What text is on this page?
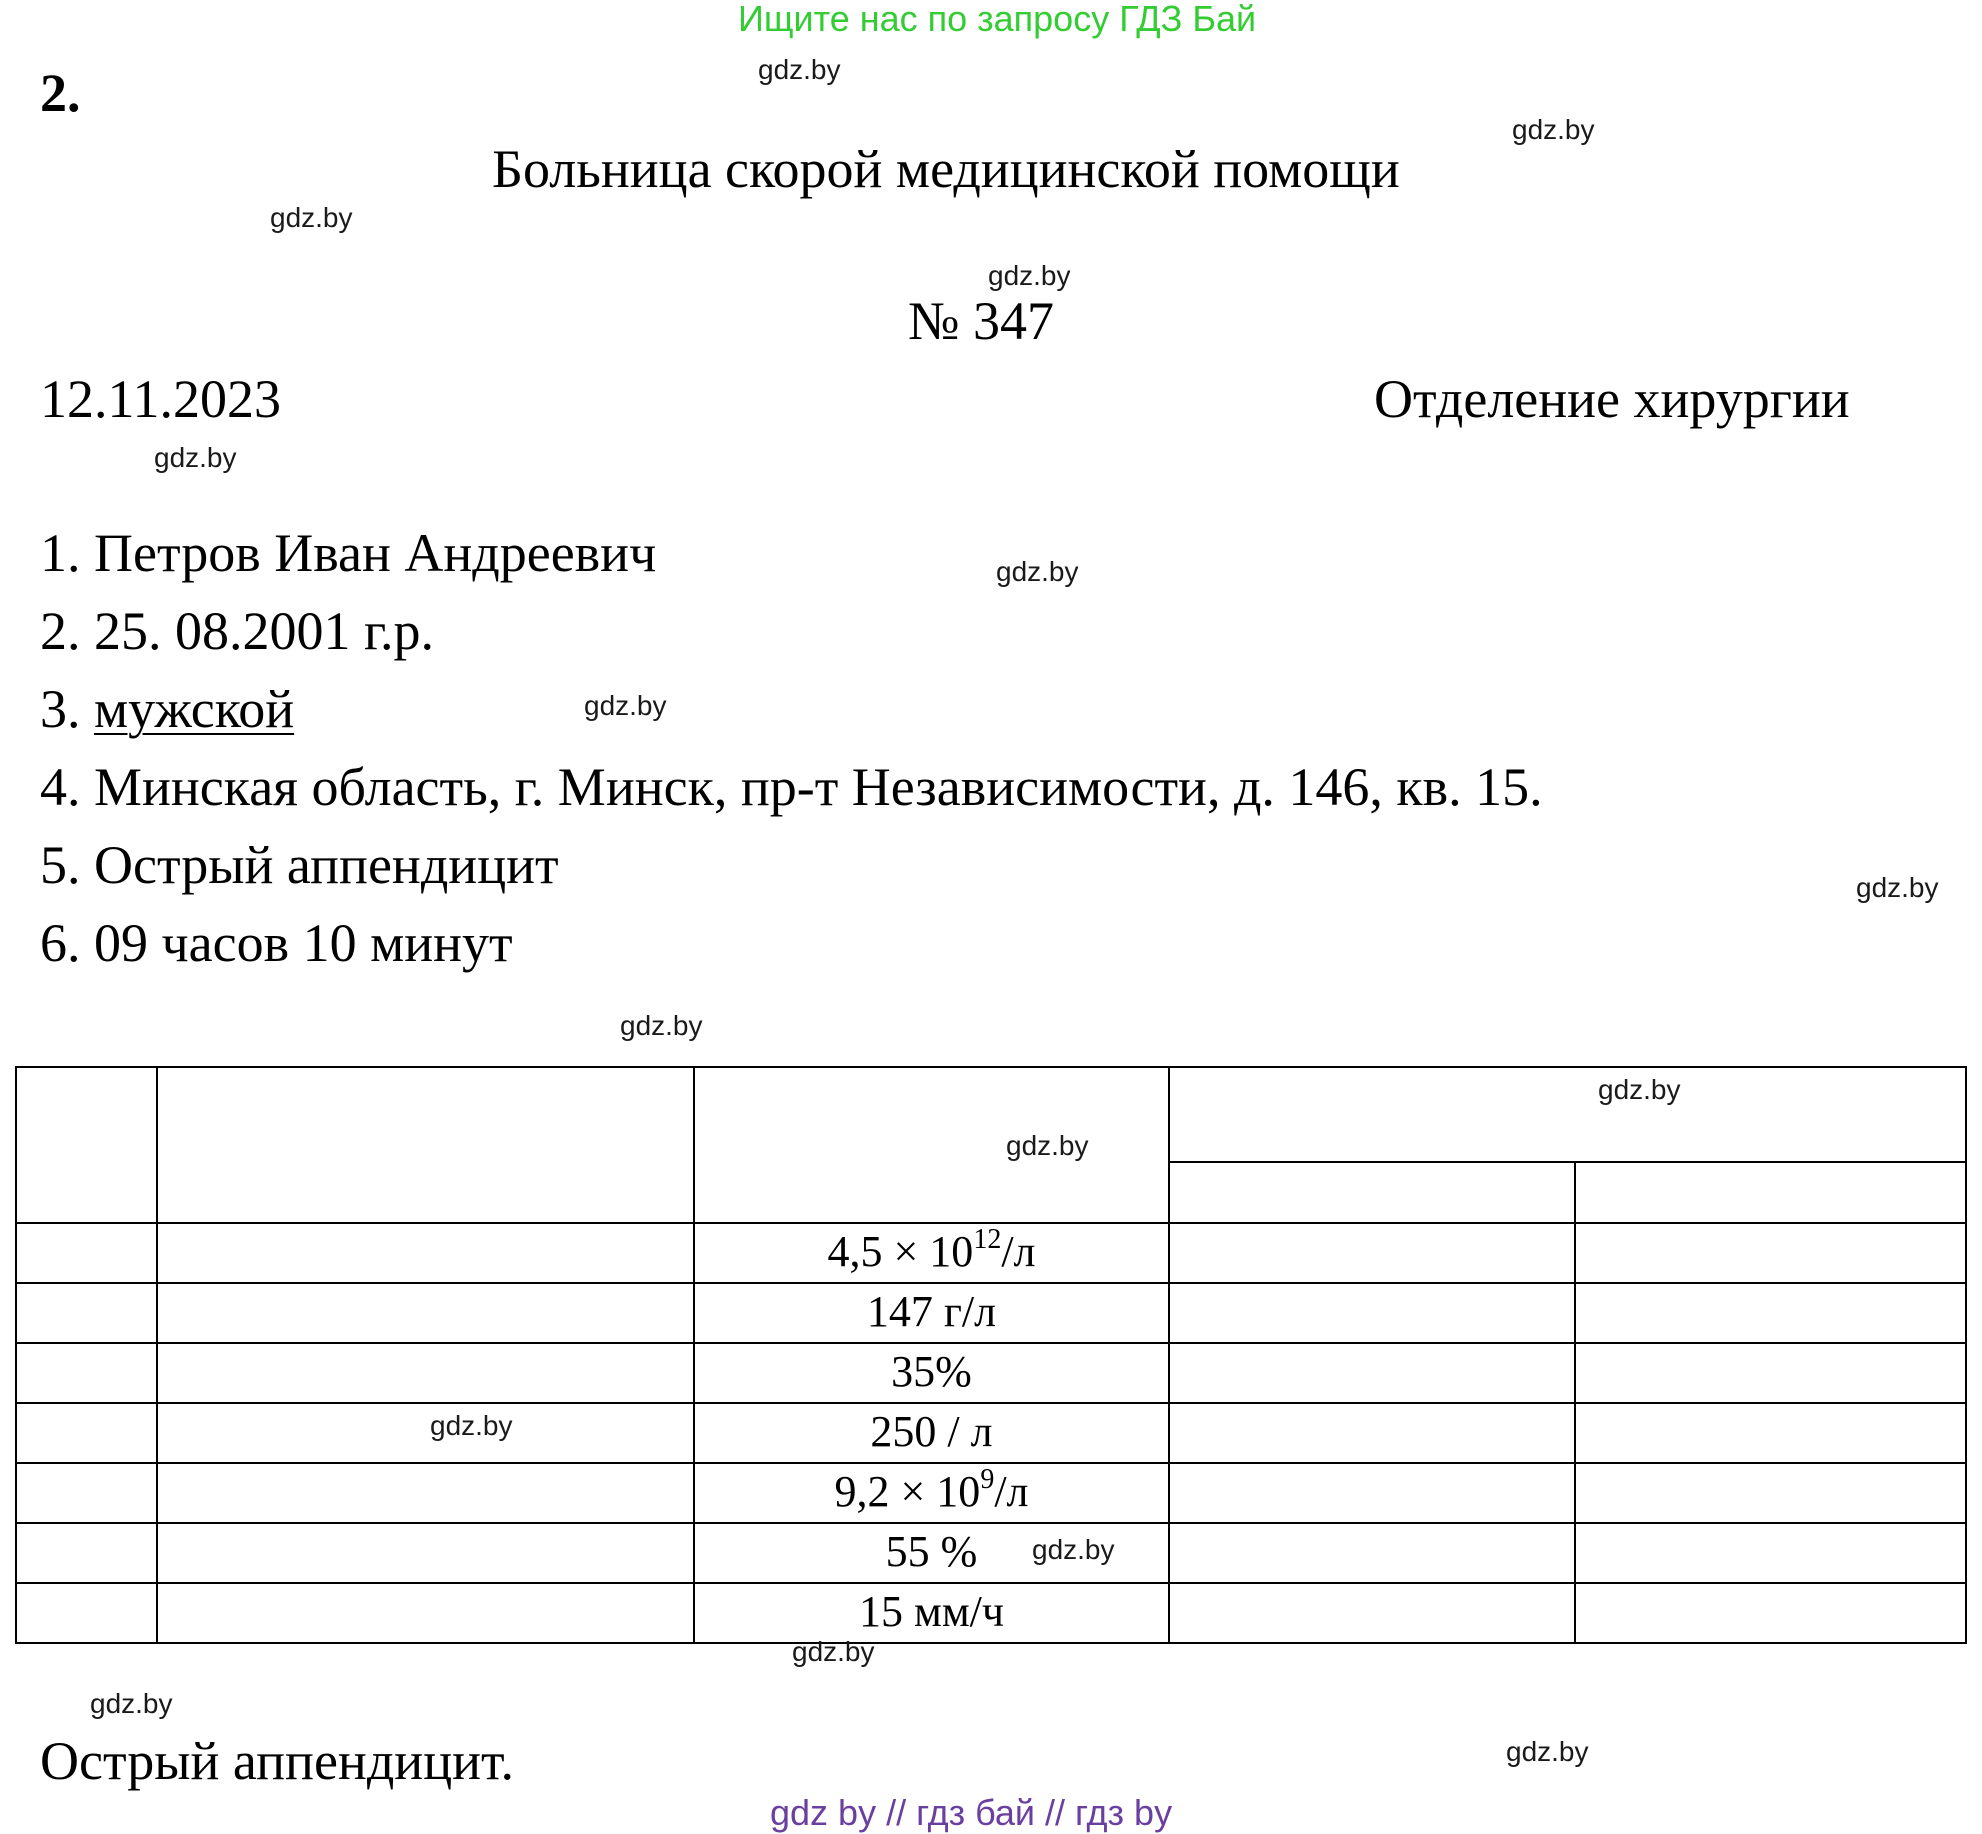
Ищите нас по запросу ГДЗ Бай
2.
Больница скорой медицинской помощи
№ 347
12.11.2023	Отделение хирургии
1. Петров Иван Андреевич
2. 25. 08.2001 г.р.
3. мужской
4. Минская область, г. Минск, пр-т Независимости, д. 146, кв. 15.
5. Острый аппендицит
6. 09 часов 10 минут
$4,5 \times 10^{12}/л$
147 г/л
35%
250 / л
$9,2 \times 10^9/л$
55 %
15 мм/ч
Острый аппендицит.
gdz by // гдз бай // гдз by
gdz.by
gdz.by
gdz.by
gdz.by
gdz.by
gdz.by
gdz.by
gdz.by
gdz.by
gdz.by
gdz.by
gdz.by
gdz.by
gdz.by
gdz.by
gdz.by
